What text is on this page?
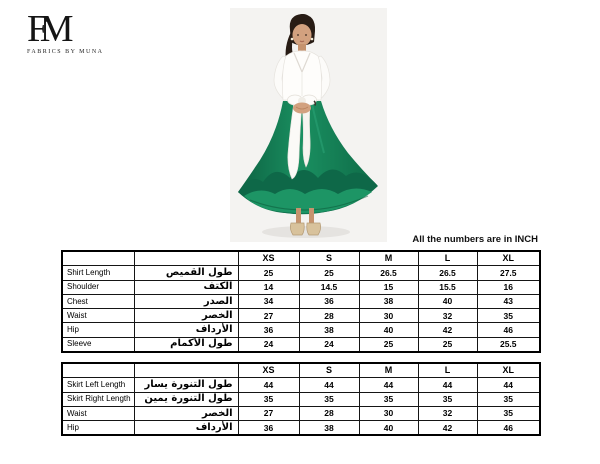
FM
FABRICS BY MUNA
All the numbers are in INCH
		XS	S	M	L	XL
Shirt Length	طول القميص	25	25	26.5	26.5	27.5
Shoulder	الكتف	14	14.5	15	15.5	16
Chest	الصدر	34	36	38	40	43
Waist	الخصر	27	28	30	32	35
Hip	الأرداف	36	38	40	42	46
Sleeve	طول الأكمام	24	24	25	25	25.5
		XS	S	M	L	XL
Skirt Left Length	طول التنورة يسار	44	44	44	44	44
Skirt Right Length	طول التنورة يمين	35	35	35	35	35
Waist	الخصر	27	28	30	32	35
Hip	الأرداف	36	38	40	42	46
